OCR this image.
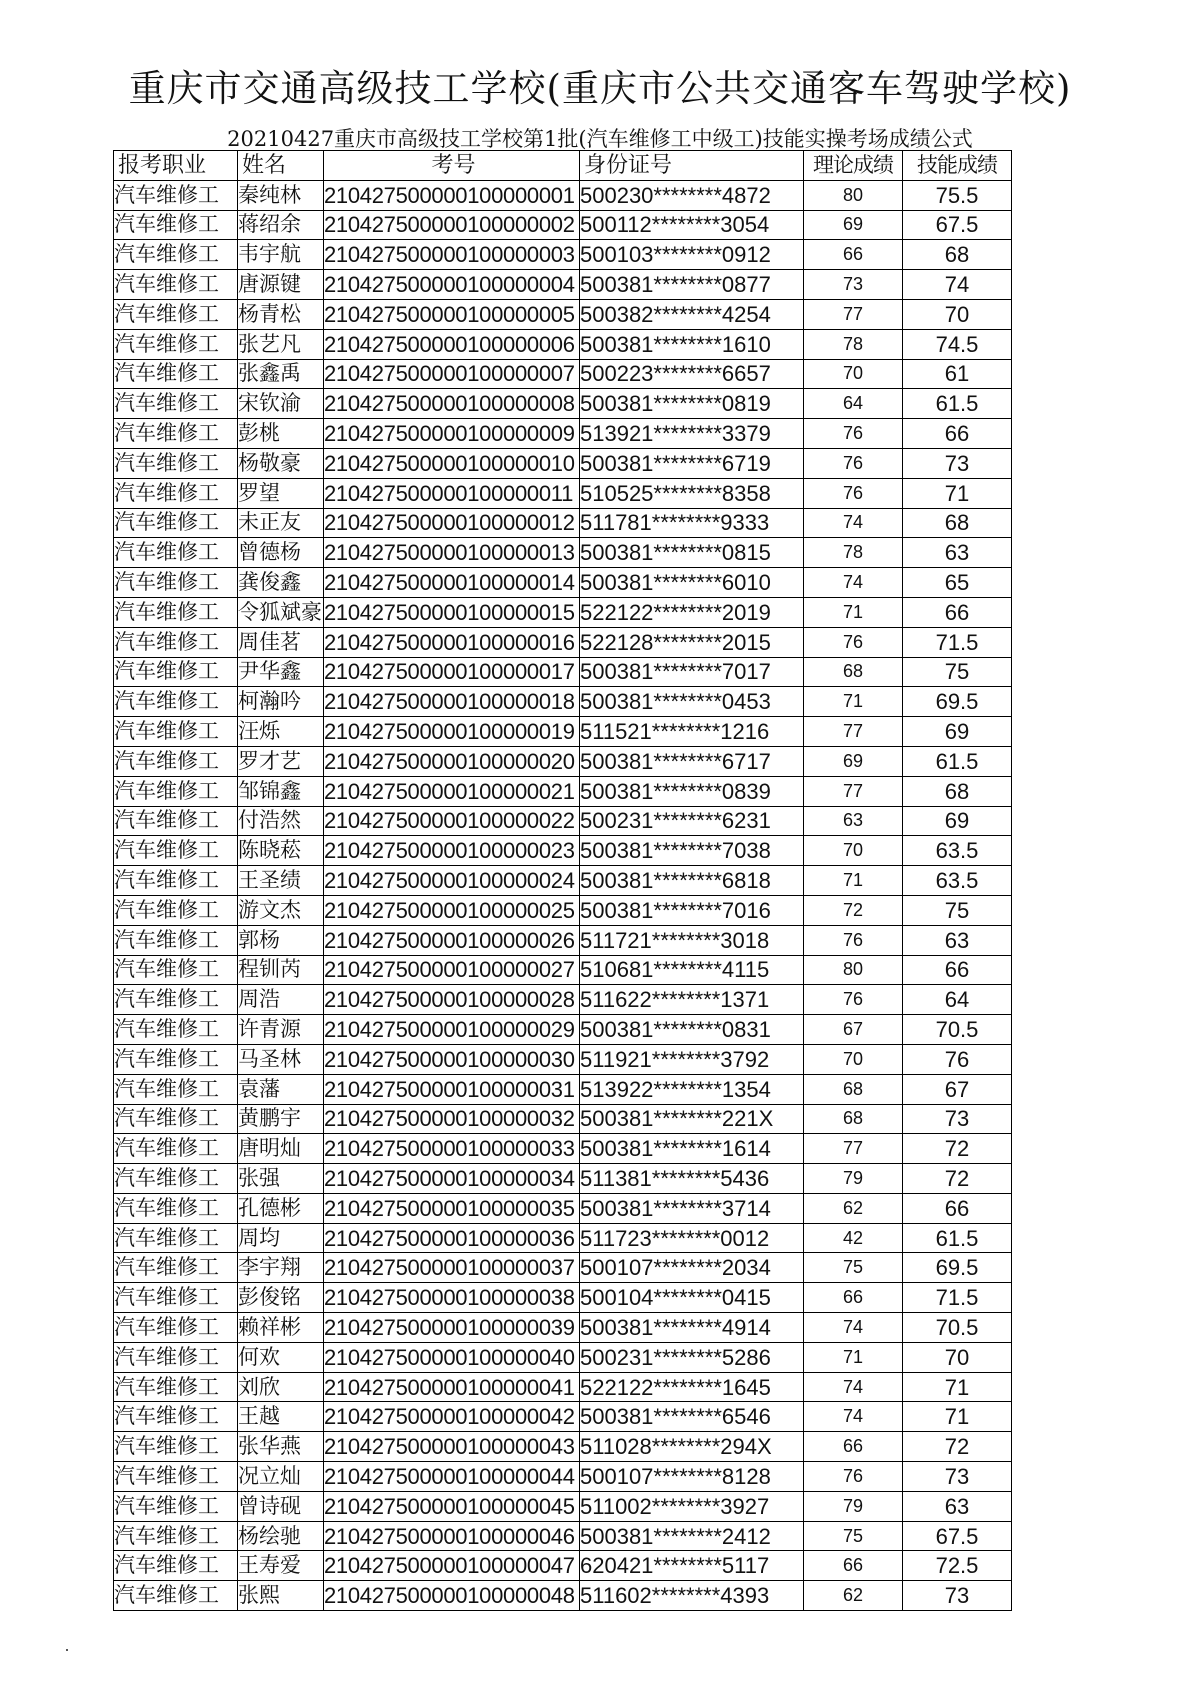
重庆市交通高级技工学校(重庆市公共交通客车驾驶学校)
20210427重庆市高级技工学校第1批(汽车维修工中级工)技能实操考场成绩公式
报考职业	姓名	考号	身份证号	理论成绩	技能成绩
汽车维修工	秦纯林	210427500000100000001	500230********4872	80	75.5
汽车维修工	蒋绍余	210427500000100000002	500112********3054	69	67.5
汽车维修工	韦宇航	210427500000100000003	500103********0912	66	68
汽车维修工	唐源键	210427500000100000004	500381********0877	73	74
汽车维修工	杨青松	210427500000100000005	500382********4254	77	70
汽车维修工	张艺凡	210427500000100000006	500381********1610	78	74.5
汽车维修工	张鑫禹	210427500000100000007	500223********6657	70	61
汽车维修工	宋钦渝	210427500000100000008	500381********0819	64	61.5
汽车维修工	彭桃	210427500000100000009	513921********3379	76	66
汽车维修工	杨敬豪	210427500000100000010	500381********6719	76	73
汽车维修工	罗望	210427500000100000011	510525********8358	76	71
汽车维修工	未正友	210427500000100000012	511781********9333	74	68
汽车维修工	曾德杨	210427500000100000013	500381********0815	78	63
汽车维修工	龚俊鑫	210427500000100000014	500381********6010	74	65
汽车维修工	令狐斌豪	210427500000100000015	522122********2019	71	66
汽车维修工	周佳茗	210427500000100000016	522128********2015	76	71.5
汽车维修工	尹华鑫	210427500000100000017	500381********7017	68	75
汽车维修工	柯瀚吟	210427500000100000018	500381********0453	71	69.5
汽车维修工	汪烁	210427500000100000019	511521********1216	77	69
汽车维修工	罗才艺	210427500000100000020	500381********6717	69	61.5
汽车维修工	邹锦鑫	210427500000100000021	500381********0839	77	68
汽车维修工	付浩然	210427500000100000022	500231********6231	63	69
汽车维修工	陈晓菘	210427500000100000023	500381********7038	70	63.5
汽车维修工	王圣绩	210427500000100000024	500381********6818	71	63.5
汽车维修工	游文杰	210427500000100000025	500381********7016	72	75
汽车维修工	郭杨	210427500000100000026	511721********3018	76	63
汽车维修工	程钏芮	210427500000100000027	510681********4115	80	66
汽车维修工	周浩	210427500000100000028	511622********1371	76	64
汽车维修工	许青源	210427500000100000029	500381********0831	67	70.5
汽车维修工	马圣林	210427500000100000030	511921********3792	70	76
汽车维修工	袁藩	210427500000100000031	513922********1354	68	67
汽车维修工	黄鹏宇	210427500000100000032	500381********221X	68	73
汽车维修工	唐明灿	210427500000100000033	500381********1614	77	72
汽车维修工	张强	210427500000100000034	511381********5436	79	72
汽车维修工	孔德彬	210427500000100000035	500381********3714	62	66
汽车维修工	周均	210427500000100000036	511723********0012	42	61.5
汽车维修工	李宇翔	210427500000100000037	500107********2034	75	69.5
汽车维修工	彭俊铭	210427500000100000038	500104********0415	66	71.5
汽车维修工	赖祥彬	210427500000100000039	500381********4914	74	70.5
汽车维修工	何欢	210427500000100000040	500231********5286	71	70
汽车维修工	刘欣	210427500000100000041	522122********1645	74	71
汽车维修工	王越	210427500000100000042	500381********6546	74	71
汽车维修工	张华燕	210427500000100000043	511028********294X	66	72
汽车维修工	况立灿	210427500000100000044	500107********8128	76	73
汽车维修工	曾诗砚	210427500000100000045	511002********3927	79	63
汽车维修工	杨绘驰	210427500000100000046	500381********2412	75	67.5
汽车维修工	王寿爱	210427500000100000047	620421********5117	66	72.5
汽车维修工	张熙	210427500000100000048	511602********4393	62	73
